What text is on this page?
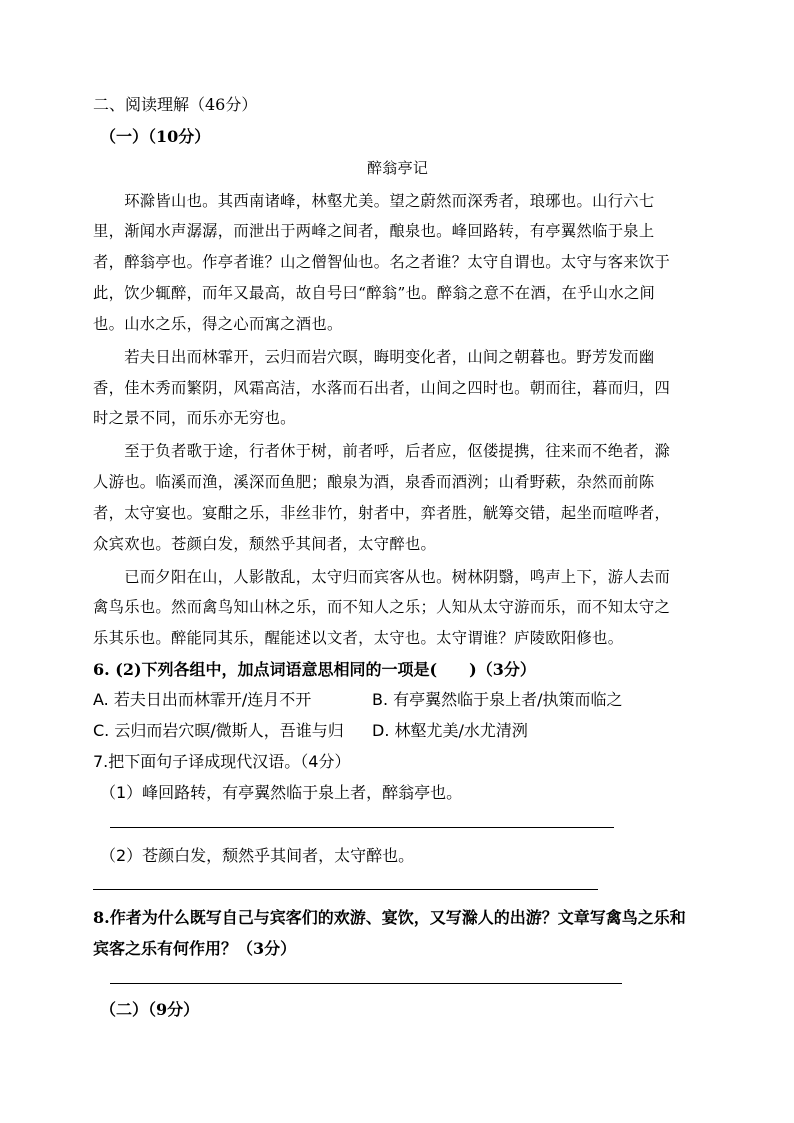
二、阅读理解（46分）
（一）（10分）
醉翁亭记
　　环滁皆山也。其西南诸峰，林壑尤美。望之蔚然而深秀者，琅琊也。山行六七
里，渐闻水声潺潺，而泄出于两峰之间者，酿泉也。峰回路转，有亭翼然临于泉上
者，醉翁亭也。作亭者谁？山之僧智仙也。名之者谁？太守自谓也。太守与客来饮于
此，饮少辄醉，而年又最高，故自号曰“醉翁”也。醉翁之意不在酒，在乎山水之间
也。山水之乐，得之心而寓之酒也。
　　若夫日出而林霏开，云归而岩穴暝，晦明变化者，山间之朝暮也。野芳发而幽
香，佳木秀而繁阴，风霜高洁，水落而石出者，山间之四时也。朝而往，暮而归，四
时之景不同，而乐亦无穷也。
　　至于负者歌于途，行者休于树，前者呼，后者应，伛偻提携，往来而不绝者，滁
人游也。临溪而渔，溪深而鱼肥；酿泉为酒，泉香而酒洌；山肴野蔌，杂然而前陈
者，太守宴也。宴酣之乐，非丝非竹，射者中，弈者胜，觥筹交错，起坐而喧哗者，
众宾欢也。苍颜白发，颓然乎其间者，太守醉也。
　　已而夕阳在山，人影散乱，太守归而宾客从也。树林阴翳，鸣声上下，游人去而
禽鸟乐也。然而禽鸟知山林之乐，而不知人之乐；人知从太守游而乐，而不知太守之
乐其乐也。醉能同其乐，醒能述以文者，太守也。太守谓谁？庐陵欧阳修也。
6. (2)下列各组中，加点词语意思相同的一项是(　　)（3分）
A. 若夫日出而林霏开/连月不开	B. 有亭翼然临于泉上者/执策而临之
C. 云归而岩穴暝/微斯人，吾谁与归 D. 林壑尤美/水尤清洌
7.把下面句子译成现代汉语。（4分）
（1）峰回路转，有亭翼然临于泉上者，醉翁亭也。
（2）苍颜白发，颓然乎其间者，太守醉也。
8.作者为什么既写自己与宾客们的欢游、宴饮，又写滁人的出游？文章写禽鸟之乐和
宾客之乐有何作用？（3分）
（二）（9分）
